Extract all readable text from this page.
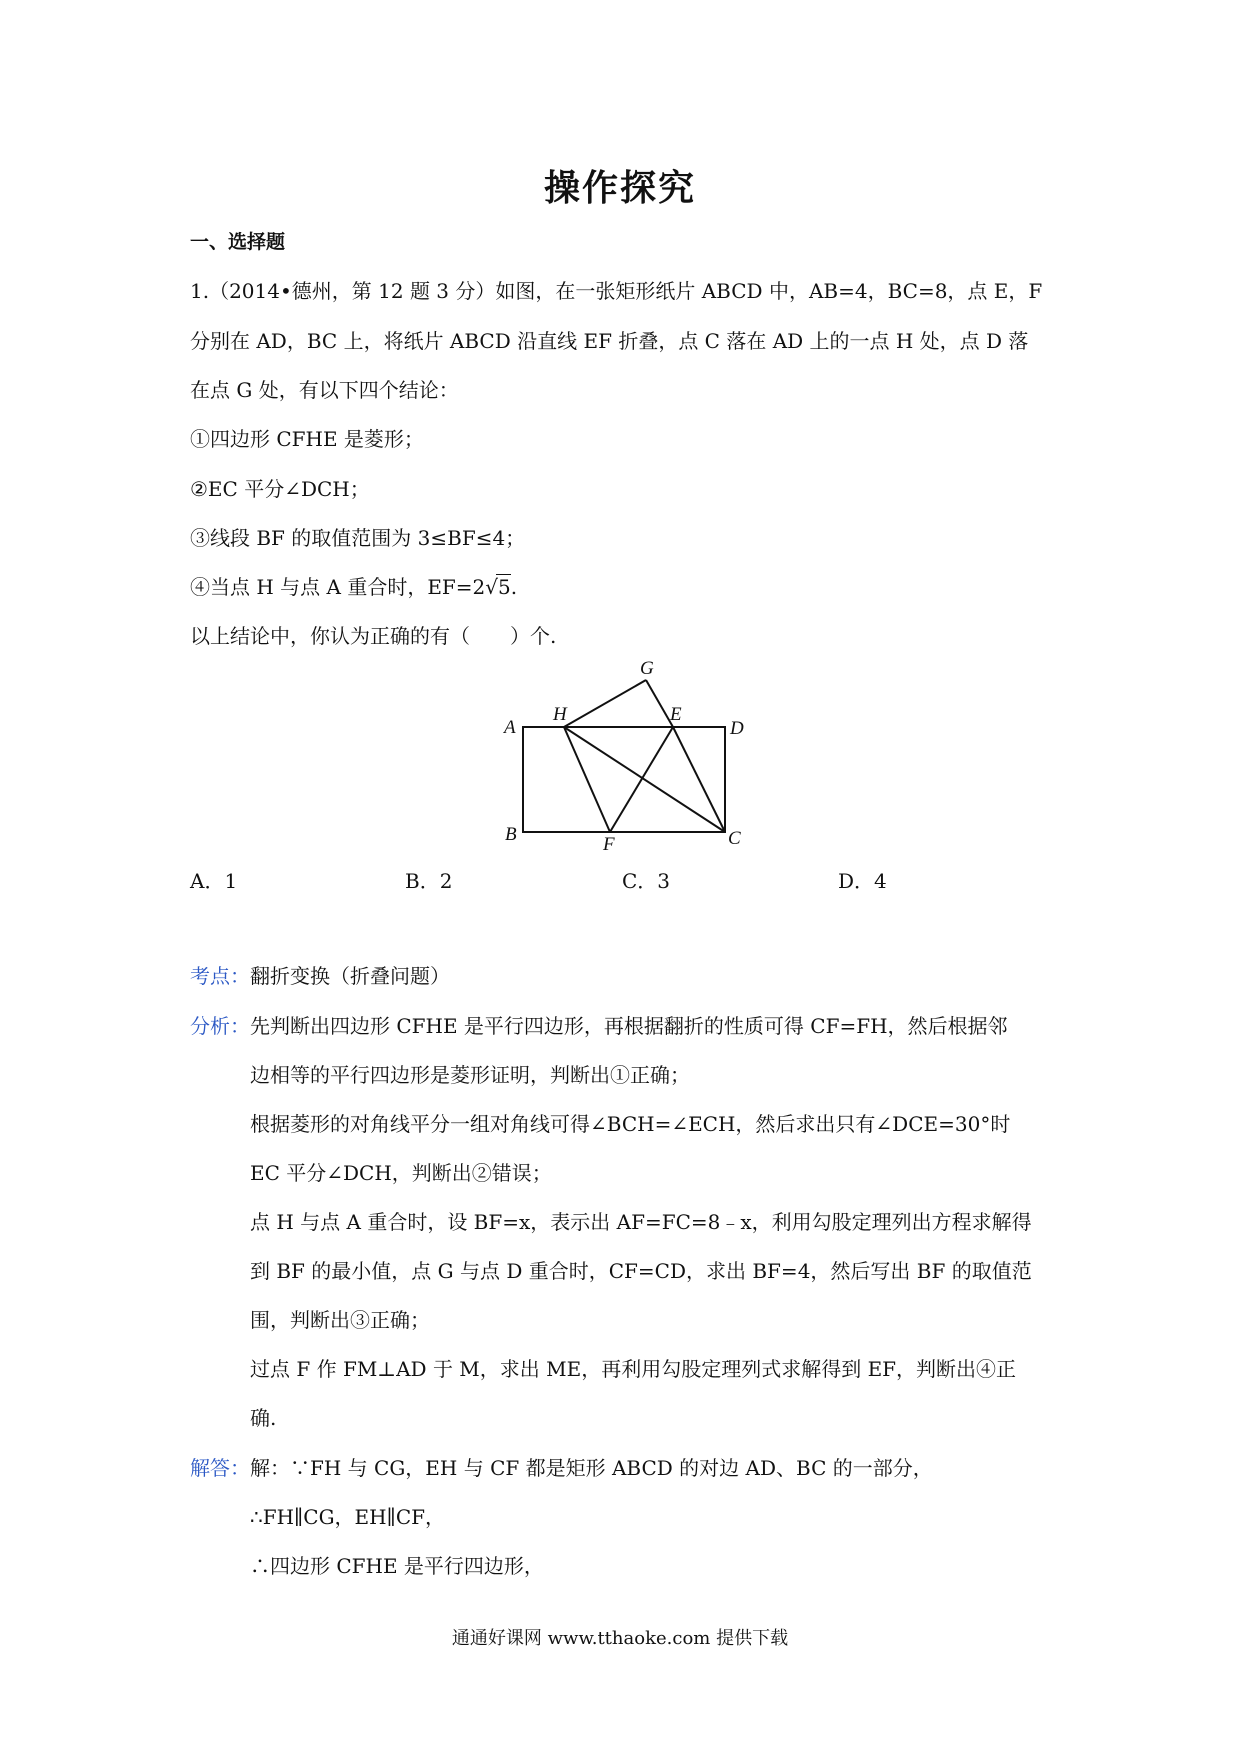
操作探究
一、选择题
1.（2014•德州，第 12 题 3 分）如图，在一张矩形纸片 ABCD 中，AB=4，BC=8，点 E，F
分别在 AD，BC 上，将纸片 ABCD 沿直线 EF 折叠，点 C 落在 AD 上的一点 H 处，点 D 落
在点 G 处，有以下四个结论：
①四边形 CFHE 是菱形；
②EC 平分∠DCH；
③线段 BF 的取值范围为 3≤BF≤4；
④当点 H 与点 A 重合时，EF=2√5.
以上结论中，你认为正确的有（　　）个.
G
A
H	E
D
B	F	C
A．1	B．2	C．3	D．4
考点：翻折变换（折叠问题）
分析：先判断出四边形 CFHE 是平行四边形，再根据翻折的性质可得 CF=FH，然后根据邻
边相等的平行四边形是菱形证明，判断出①正确；
根据菱形的对角线平分一组对角线可得∠BCH=∠ECH，然后求出只有∠DCE=30°时
EC 平分∠DCH，判断出②错误；
点 H 与点 A 重合时，设 BF=x，表示出 AF=FC=8﹣x，利用勾股定理列出方程求解得
到 BF 的最小值，点 G 与点 D 重合时，CF=CD，求出 BF=4，然后写出 BF 的取值范
围，判断出③正确；
过点 F 作 FM⊥AD 于 M，求出 ME，再利用勾股定理列式求解得到 EF，判断出④正
确.
解答：解：∵FH 与 CG，EH 与 CF 都是矩形 ABCD 的对边 AD、BC 的一部分，
∴FH∥CG，EH∥CF，
∴四边形 CFHE 是平行四边形，
通通好课网 www.tthaoke.com 提供下载
